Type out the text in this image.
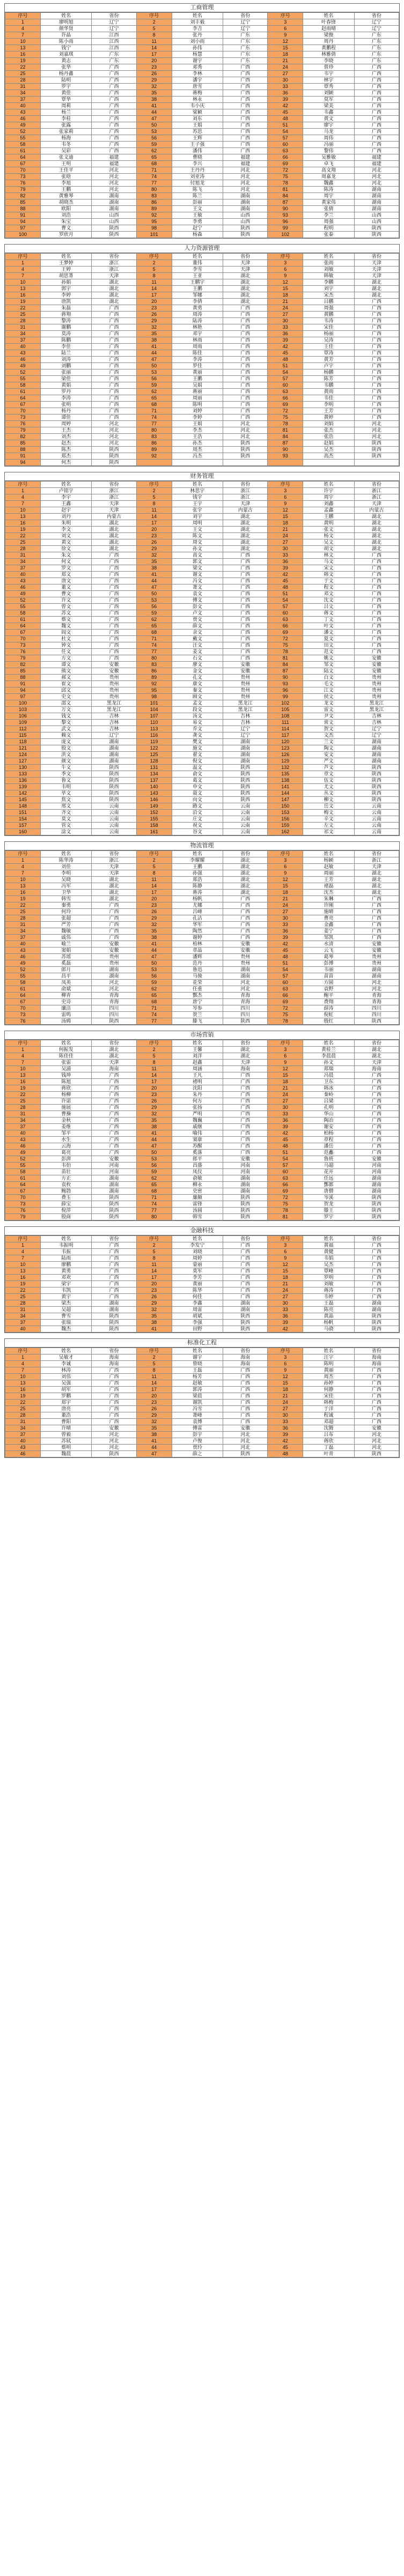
工商管理
序号	姓名	省份	序号	姓名	省份	序号	姓名	省份
1	廖明旭	辽宁	2	刘丰毅	辽宁	3	叶春锋	辽宁
4	颜华贤	辽宁	5	李吉	辽宁	6	赵雨晴	辽宁
7	许晶	江西	8	张丹	广东	9	梁俊	广东
10	陈小雨	江西	11	刘小雨	广东	12	周丹	广东
13	钱宁	江西	14	孙伟	广东	15	黄鹏程	广东
16	刘嘉琪	广东	17	杨慧	广东	18	林雅倩	广东
19	黄志	广东	20	谢宇	广东	21	李晓	广东
22	张华	广西	23	邓秀	广西	24	曾珍	广西
25	杨丹鑫	广西	26	李林	广西	27	韦宇	广西
28	陆明	广西	29	潘宇	广西	30	林宇	广西
31	罗宇	广西	32	唐雪	广西	33	覃秀	广西
34	黄佳	广西	35	蒋梅	广西	36	刘颖	广西
37	覃华	广西	38	林永	广西	39	莫军	广西
40	周莉	广西	41	韦小庆	广西	42	梁美	广西
43	杨兰	广西	44	梁颖	广西	45	韦鑫	广西
46	李桂	广西	47	刘东	广西	48	黄文	广西
49	张露	广西	50	王娟	广西	51	廖宇	广西
52	张家莉	广西	53	苏思	广西	54	马龙	广西
55	杨海	广西	56	王辉	广西	57	周伟	广西
58	韦冬	广西	59	王子强	广西	60	冯丽	广西
61	吴彩	广西	62	潘伟	广西	63	黎伟	广西
64	张文迪	福建	65	曹晓	福建	66	吴雅敏	福建
67	王明	福建	68	李兴	福建	69	卓飞	福建
70	王佳平	河北	71	王丹丹	河北	72	高文翔	河北
73	张晗	河北	74	刘亚涛	河北	75	周嘉龙	河北
76	李旭	河北	77	付旭龙	河北	78	魏鑫	河北
79	王鹏	河北	80	陈飞	河北	81	陈涛	湖南
82	黄雅琴	湖南	83	陈兰	湖南	84	周宇	湖南
85	胡晓杰	湖南	86	彭丽	湖南	87	黄家伟	湖南
88	欧阳	湖南	89	王文	湖南	90	张倩	湖南
91	刘浩	山西	92	王敏	山西	93	李兰	山西
94	朱宝	山西	95	李勇	山西	96	周强	山西
97	曹文	陕西	98	赵宁	陕西	99	程明	陕西
100	罗欣月	陕西	101	杨森	陕西	102	张泰	陕西
人力资源管理
序号	姓名	省份	序号	姓名	省份	序号	姓名	省份
1	王梦婷	浙江	2	董伟	天津	3	张雨	天津
4	王婷	浙江	5	李雪	天津	6	刘敏	天津
7	胡思菁	天津	8	王亚	湖北	9	韩敏	天津
10	孙娟	湖北	11	王鹏宇	湖北	12	李鹏	湖北
13	郭宇	湖北	14	王鹏	湖北	15	刘宇	湖北
16	李婷	湖北	17	邹娜	湖北	18	宋杰	湖北
19	唐凯	湖北	20	李倩	湖北	21	吕鹏	广西
22	朱磊	广西	23	黄勇	广西	24	周强	广西
25	蒋翔	广西	26	周涛	广西	27	黄鹏	广西
28	黎涛	广西	29	陆涛	广西	30	韦涛	广西
31	谢鹏	广西	32	林艳	广西	33	宋佳	广西
34	莫涛	广西	35	邓宇	广西	36	杨丽	广西
37	陈鹏	广西	38	林雨	广西	39	吴涛	广西
40	李佳	广西	41	周雨	广西	42	王佳	广西
43	陆兰	广西	44	陈佳	广西	45	覃涛	广西
46	刘涛	广西	47	李涛	广西	48	黄芳	广西
49	刘鹏	广西	50	罗佳	广西	51	卢宇	广西
52	张丽	广西	53	黄丽	广西	54	杨鹏	广西
55	梁佳	广西	56	王鹏	广西	57	陈芳	广西
58	黄娟	广西	59	吴娟	广西	60	韦鹏	广西
61	罗丹	广西	62	蒋丽	广西	63	黄雨	广西
64	李涛	广西	65	周丽	广西	66	韦佳	广西
67	张明	广西	68	陈明	广西	69	李明	广西
70	杨丹	广西	71	刘婷	广西	72	王芳	广西
73	谭佳	广西	74	李婷	广西	75	黄婷	广西
76	周婷	河北	77	王娟	河北	78	刘娟	河北
79	王杰	河北	80	李杰	河北	81	张杰	河北
82	刘杰	河北	83	王浩	河北	84	张浩	河北
85	赵杰	河北	86	孙杰	陕西	87	赵娟	陕西
88	陈杰	陕西	89	周杰	陕西	90	吴杰	陕西
91	郑杰	陕西	92	冯杰	陕西	93	高杰	陕西
94	何杰	陕西						
财务管理
序号	姓名	省份	序号	姓名	省份	序号	姓名	省份
1	卢铭宇	浙江	2	林思宇	浙江	3	许宇	浙江
4	李宇	浙江	5	钱宇	浙江	6	周宇	浙江
7	王鑫	天津	8	王宇	天津	9	刘鑫	天津
10	赵宇	天津	11	张宇	内蒙古	12	孟鑫	内蒙古
13	刘丹	内蒙古	14	刘宇	湖北	15	王鹏	湖北
16	朱明	湖北	17	周明	湖北	18	黄明	湖北
19	李文	湖北	20	王文	湖北	21	张文	湖北
22	刘文	湖北	23	陈文	湖北	24	杨文	湖北
25	黄文	湖北	26	周文	湖北	27	吴文	湖北
28	徐文	湖北	29	孙文	湖北	30	胡文	湖北
31	朱文	广西	32	高文	广西	33	林文	广西
34	何文	广西	35	郭文	广西	36	马文	广西
37	罗文	广西	38	梁文	广西	39	宋文	广西
40	郑文	广西	41	谢文	广西	42	韩文	广西
43	唐文	广西	44	冯文	广西	45	于文	广西
46	董文	广西	47	萧文	广西	48	程文	广西
49	曹文	广西	50	袁文	广西	51	邓文	广西
52	许文	广西	53	傅文	广西	54	沈文	广西
55	曾文	广西	56	彭文	广西	57	吕文	广西
58	苏文	广西	59	卢文	广西	60	蒋文	广西
61	蔡文	广西	62	贾文	广西	63	丁文	广西
64	魏文	广西	65	薛文	广西	66	叶文	广西
67	阎文	广西	68	余文	广西	69	潘文	广西
70	杜文	广西	71	戴文	广西	72	夏文	广西
73	钟文	广西	74	汪文	广西	75	田文	广西
76	任文	广西	77	姜文	广西	78	范文	广西
79	方文	广西	80	石文	广西	81	姚文	安徽
82	谭文	安徽	83	廖文	安徽	84	邹文	安徽
85	熊文	安徽	86	金文	安徽	87	陆文	安徽
88	郝文	贵州	89	孔文	贵州	90	白文	贵州
91	崔文	贵州	92	康文	贵州	93	毛文	贵州
94	邱文	贵州	95	秦文	贵州	96	江文	贵州
97	史文	贵州	98	顾文	贵州	99	侯文	贵州
100	邵文	黑龙江	101	孟文	黑龙江	102	龙文	黑龙江
103	万文	黑龙江	104	段文	黑龙江	105	雷文	黑龙江
106	钱文	吉林	107	汤文	吉林	108	尹文	吉林
109	黎文	吉林	110	易文	吉林	111	常文	吉林
112	武文	吉林	113	乔文	辽宁	114	贺文	辽宁
115	赖文	辽宁	116	龚文	辽宁	117	文杰	辽宁
118	庞文	湖南	119	樊文	湖南	120	兰文	湖南
121	殷文	湖南	122	施文	湖南	123	陶文	湖南
124	洪文	湖南	125	翟文	湖南	126	安文	湖南
127	颜文	湖南	128	倪文	湖南	129	严文	湖南
130	牛文	陕西	131	温文	陕西	132	芦文	陕西
133	季文	陕西	134	俞文	陕西	135	章文	陕西
136	鲁文	陕西	137	葛文	陕西	138	伍文	陕西
139	韦明	陕西	140	申文	陕西	141	尤文	陕西
142	毕文	陕西	143	聂文	陕西	144	丛文	陕西
145	焦文	陕西	146	向文	陕西	147	柳文	陕西
148	邢文	云南	149	路文	云南	150	岳文	云南
151	齐文	云南	152	沿文	云南	153	梅文	云南
154	莫文	云南	155	庄文	云南	156	辛文	云南
157	管文	云南	158	祝文	云南	159	左文	云南
160	涂文	云南	161	谷文	云南	162	祁文	云南
物流管理
序号	姓名	省份	序号	姓名	省份	序号	姓名	省份
1	陈华涛	浙江	2	李耀耀	湖北	3	杨颖	浙江
4	刘佳	天津	5	王鹏	湖北	6	赵敏	天津
7	李明	天津	8	孙强	湖北	9	周丽	湖北
10	吴晓	湖北	11	郑浩	湖北	12	王芳	湖北
13	冯军	湖北	14	陈静	湖北	15	褚磊	湖北
16	卫华	湖北	17	蒋涛	湖北	18	沈杰	湖北
19	韩雪	湖北	20	杨帆	广西	21	朱琳	广西
22	秦勇	广西	23	尤娜	广西	24	许刚	广西
25	何玲	广西	26	吕峰	广西	27	施晴	广西
28	张超	广西	29	孔洁	广西	30	曹亮	广西
31	严芳	广西	32	华军	广西	33	金鑫	广西
34	魏敏	广西	35	陶然	广西	36	姜宁	广西
37	戚伟	广西	38	谢婷	广西	39	邹凯	广西
40	喻兰	安徽	41	柏林	安徽	42	水清	安徽
43	窦娟	安徽	44	章晶	安徽	45	云飞	安徽
46	苏瑶	贵州	47	潘辉	贵州	48	葛琴	贵州
49	奚磊	贵州	50	范丹	贵州	51	彭博	贵州
52	郎月	湖南	53	鲁迅	湖南	54	韦丽	湖南
55	昌平	湖南	56	马骏	湖南	57	苗苗	湖南
58	凤英	河北	59	花荣	河北	60	方圆	河北
61	俞斌	河北	62	任重	河北	63	袁野	河北
64	柳青	青海	65	酆杰	青海	66	鲍平	青海
67	史诗	青海	68	唐宁	青海	69	费翔	青海
70	廉洁	四川	71	岑参	四川	72	薛涛	四川
73	雷鸣	四川	74	贺兰	四川	75	倪虹	四川
76	汤姆	陕西	77	滕飞	陕西	78	殷红	陕西
市场营销
序号	姓名	省份	序号	姓名	省份	序号	姓名	省份
1	何振发	湖北	2	王馨	湖北	3	黄桂兰	湖北
4	陈佳佳	湖北	5	刘洋	湖北	6	李晨晨	湖北
7	张雷	天津	8	赵鑫	天津	9	孙文	天津
10	吴浦	海南	11	周涵	海南	12	郑瑞	海南
13	钱坤	广西	14	王凡	广西	15	冯晨	广西
16	陈旭	广西	17	褚明	广西	18	卫东	广西
19	蒋欣	广西	20	沈阳	广西	21	韩冰	广西
22	杨柳	广西	23	朱丹	广西	24	秦岭	广西
25	许诺	广西	26	何方	广西	27	吕梁	广西
28	施展	广西	29	张扬	广西	30	孔明	广西
31	曹操	广西	32	严明	广西	33	华山	广西
34	金秋	广西	35	魏巍	广西	36	陶冶	广西
37	姜维	广西	38	戚继	广西	39	谢安	广西
40	邹平	广西	41	喻伟	广西	42	柏杨	广西
43	水生	广西	44	窦康	广西	45	章程	广西
46	云海	广西	47	苏醒	广西	48	潘岳	广西
49	葛亮	广西	50	奚落	广西	51	范蠡	广西
52	彭湃	安徽	53	郎平	安徽	54	鲁班	安徽
55	韦伯	河南	56	昌盛	河南	57	马超	河南
58	苗壮	河南	59	凤仪	河南	60	花开	河南
61	方正	湖南	62	俞敏	湖南	63	任远	湖南
64	袁枚	湖南	65	柳永	湖南	66	酆都	湖南
67	鲍勃	湖南	68	史密	湖南	69	唐僧	湖南
70	费玉	陕西	71	廉颇	陕西	72	岑溪	陕西
73	薛宝	陕西	74	雷锋	陕西	75	贺龙	陕西
76	倪萍	陕西	77	汤圆	陕西	78	滕王	陕西
79	殷商	陕西	80	韩雪	陕西	81	罗宇	陕西
金融科技
序号	姓名	省份	序号	姓名	省份	序号	姓名	省份
1	韦振明	广西	2	李发宁	广西	3	黄福	广西
4	韦振	广西	5	刘晓	广西	6	黄健	广西
7	陆雨	广西	8	周婷	广西	9	韦娟	广西
10	廖鹏	广西	11	蒙丽	广西	12	吴杰	广西
13	黄勇	广西	14	莫军	广西	15	覃峰	广西
16	邓欢	广西	17	李芳	广西	18	罗明	广西
19	梁宇	广西	20	黄丽	广西	21	刘敏	广西
22	韦凯	广西	23	陈华	广西	24	蒋涛	广西
25	黄宇	广西	26	何佳	广西	27	韦婷	广西
28	梁杰	湖南	29	李鑫	湖南	30	王磊	湖南
31	吴超	湖南	32	周雷	湖南	33	陈亮	湖南
34	曹雪	陕西	35	胡斌	陕西	36	黄晶	陕西
37	张瑞	陕西	38	李强	陕西	39	杨帆	陕西
40	魏杰	陕西	41	田野	陕西	42	马骁	陕西
标准化工程
序号	姓名	省份	序号	姓名	省份	序号	姓名	省份
1	吴敏才	海南	2	谢宇	海南	3	汪宇	海南
4	李诚	海南	5	曾晓	海南	6	陈明	海南
7	林涛	广西	8	王磊	广西	9	黄丽	广西
10	刘伟	广西	11	杨芳	广西	12	周杰	广西
13	吴强	广西	14	赵敏	广西	15	孙婷	广西
16	胡军	广西	17	郭涛	广西	18	何静	广西
19	罗鹏	广西	20	梁晨	广西	21	宋佳	广西
22	郑宇	广西	23	谢凯	广西	24	韩梅	广西
25	唐亮	广西	26	冯雪	广西	27	于洋	广西
28	董浩	广西	29	萧峰	广西	30	程诚	广西
31	曹阳	广西	32	袁博	广西	33	邓超	广西
34	许晴	安徽	35	傅雷	安徽	36	沈腾	安徽
37	曾毅	河北	38	彭宇	河北	39	吕布	河北
40	苏轼	河北	41	卢俊	河北	42	蒋欣	河北
43	蔡明	河北	44	贾玲	河北	45	丁磊	河北
46	魏晨	陕西	47	薛之	陕西	48	叶青	陕西
